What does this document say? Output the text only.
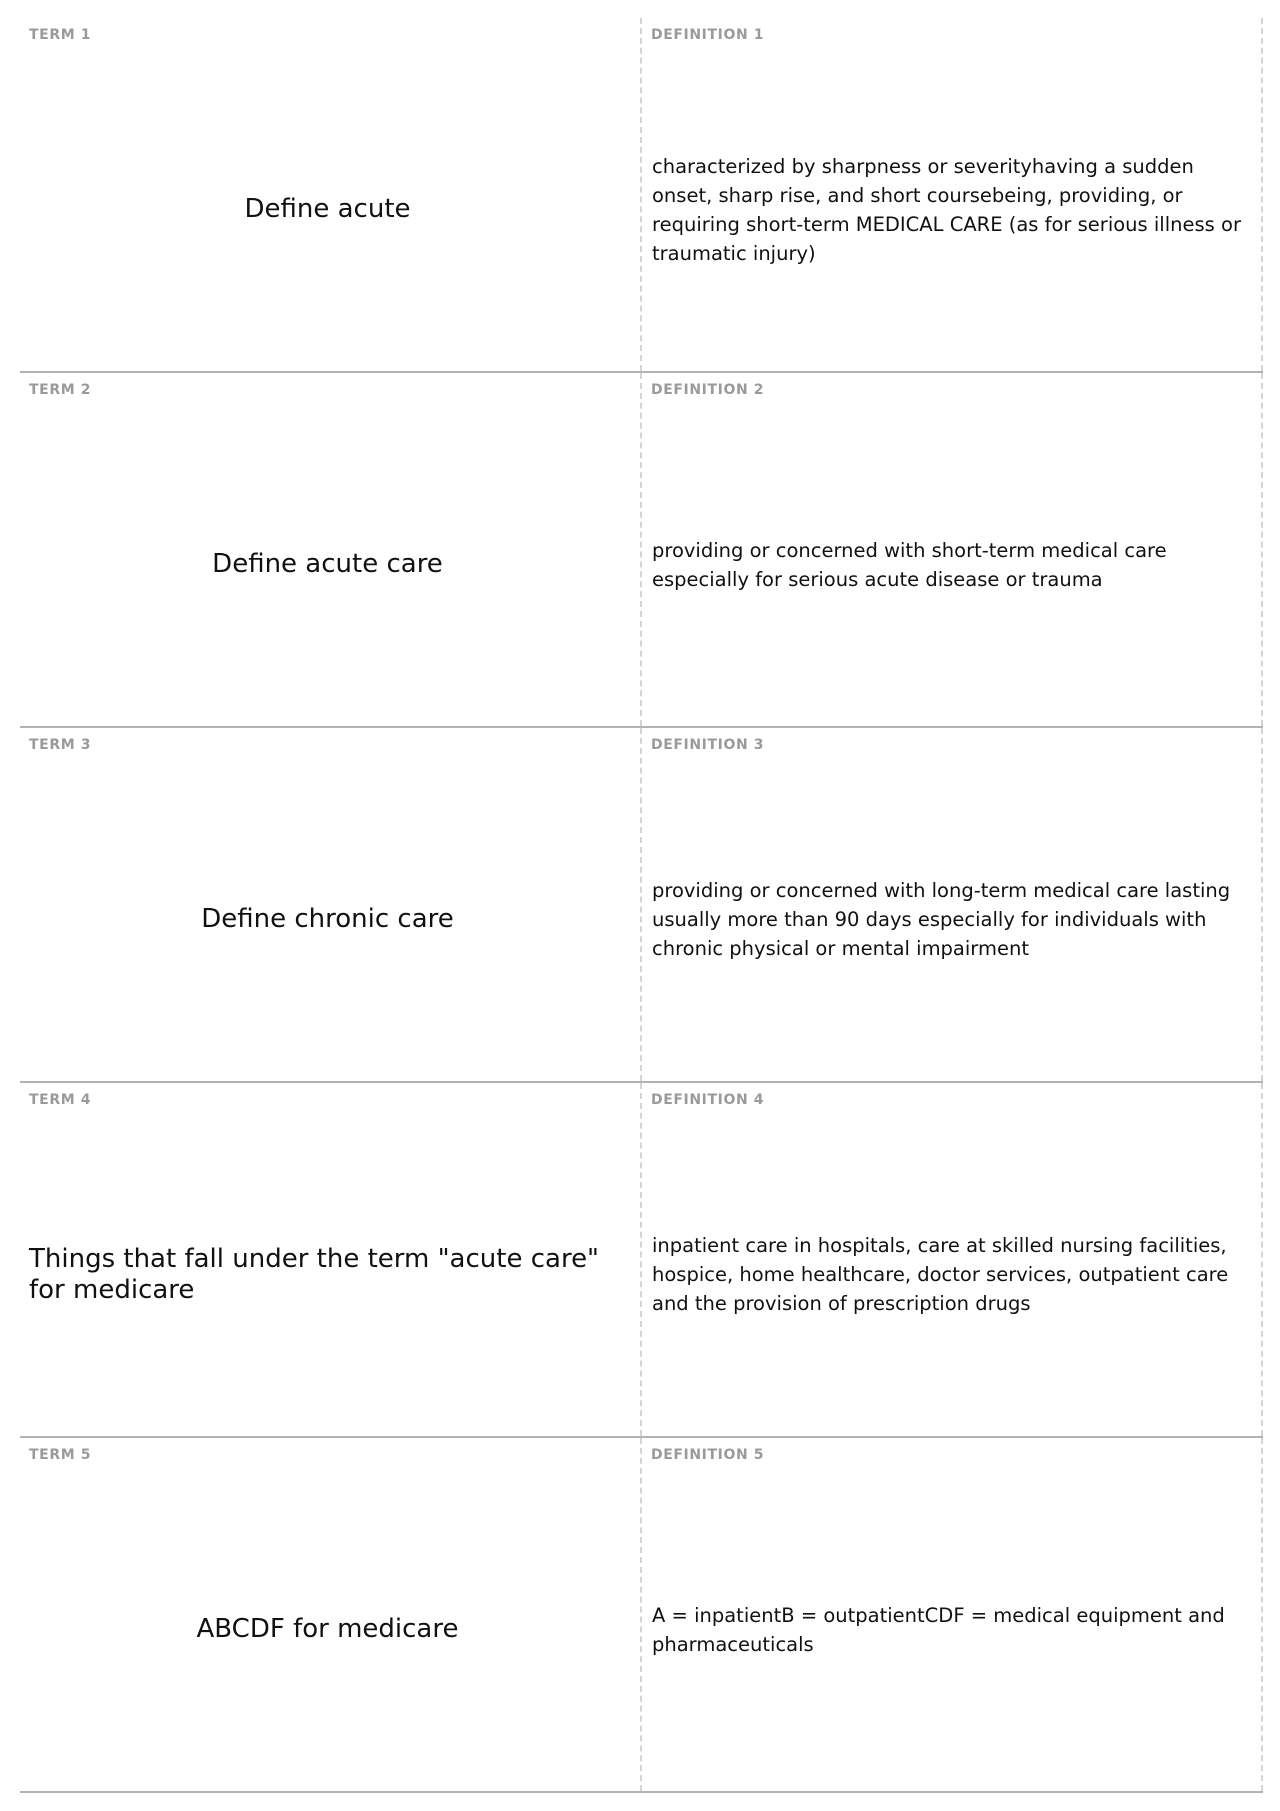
TERM 1
Define acute
DEFINITION 1
characterized by sharpness or severityhaving a sudden onset, sharp rise, and short coursebeing, providing, or requiring short-term MEDICAL CARE (as for serious illness or traumatic injury)
TERM 2
Define acute care
DEFINITION 2
providing or concerned with short-term medical care especially for serious acute disease or trauma
TERM 3
Define chronic care
DEFINITION 3
providing or concerned with long-term medical care lasting usually more than 90 days especially for individuals with chronic physical or mental impairment
TERM 4
Things that fall under the term "acute care" for medicare
DEFINITION 4
inpatient care in hospitals, care at skilled nursing facilities, hospice, home healthcare, doctor services, outpatient care and the provision of prescription drugs
TERM 5
ABCDF for medicare
DEFINITION 5
A = inpatientB = outpatientCDF = medical equipment and pharmaceuticals
